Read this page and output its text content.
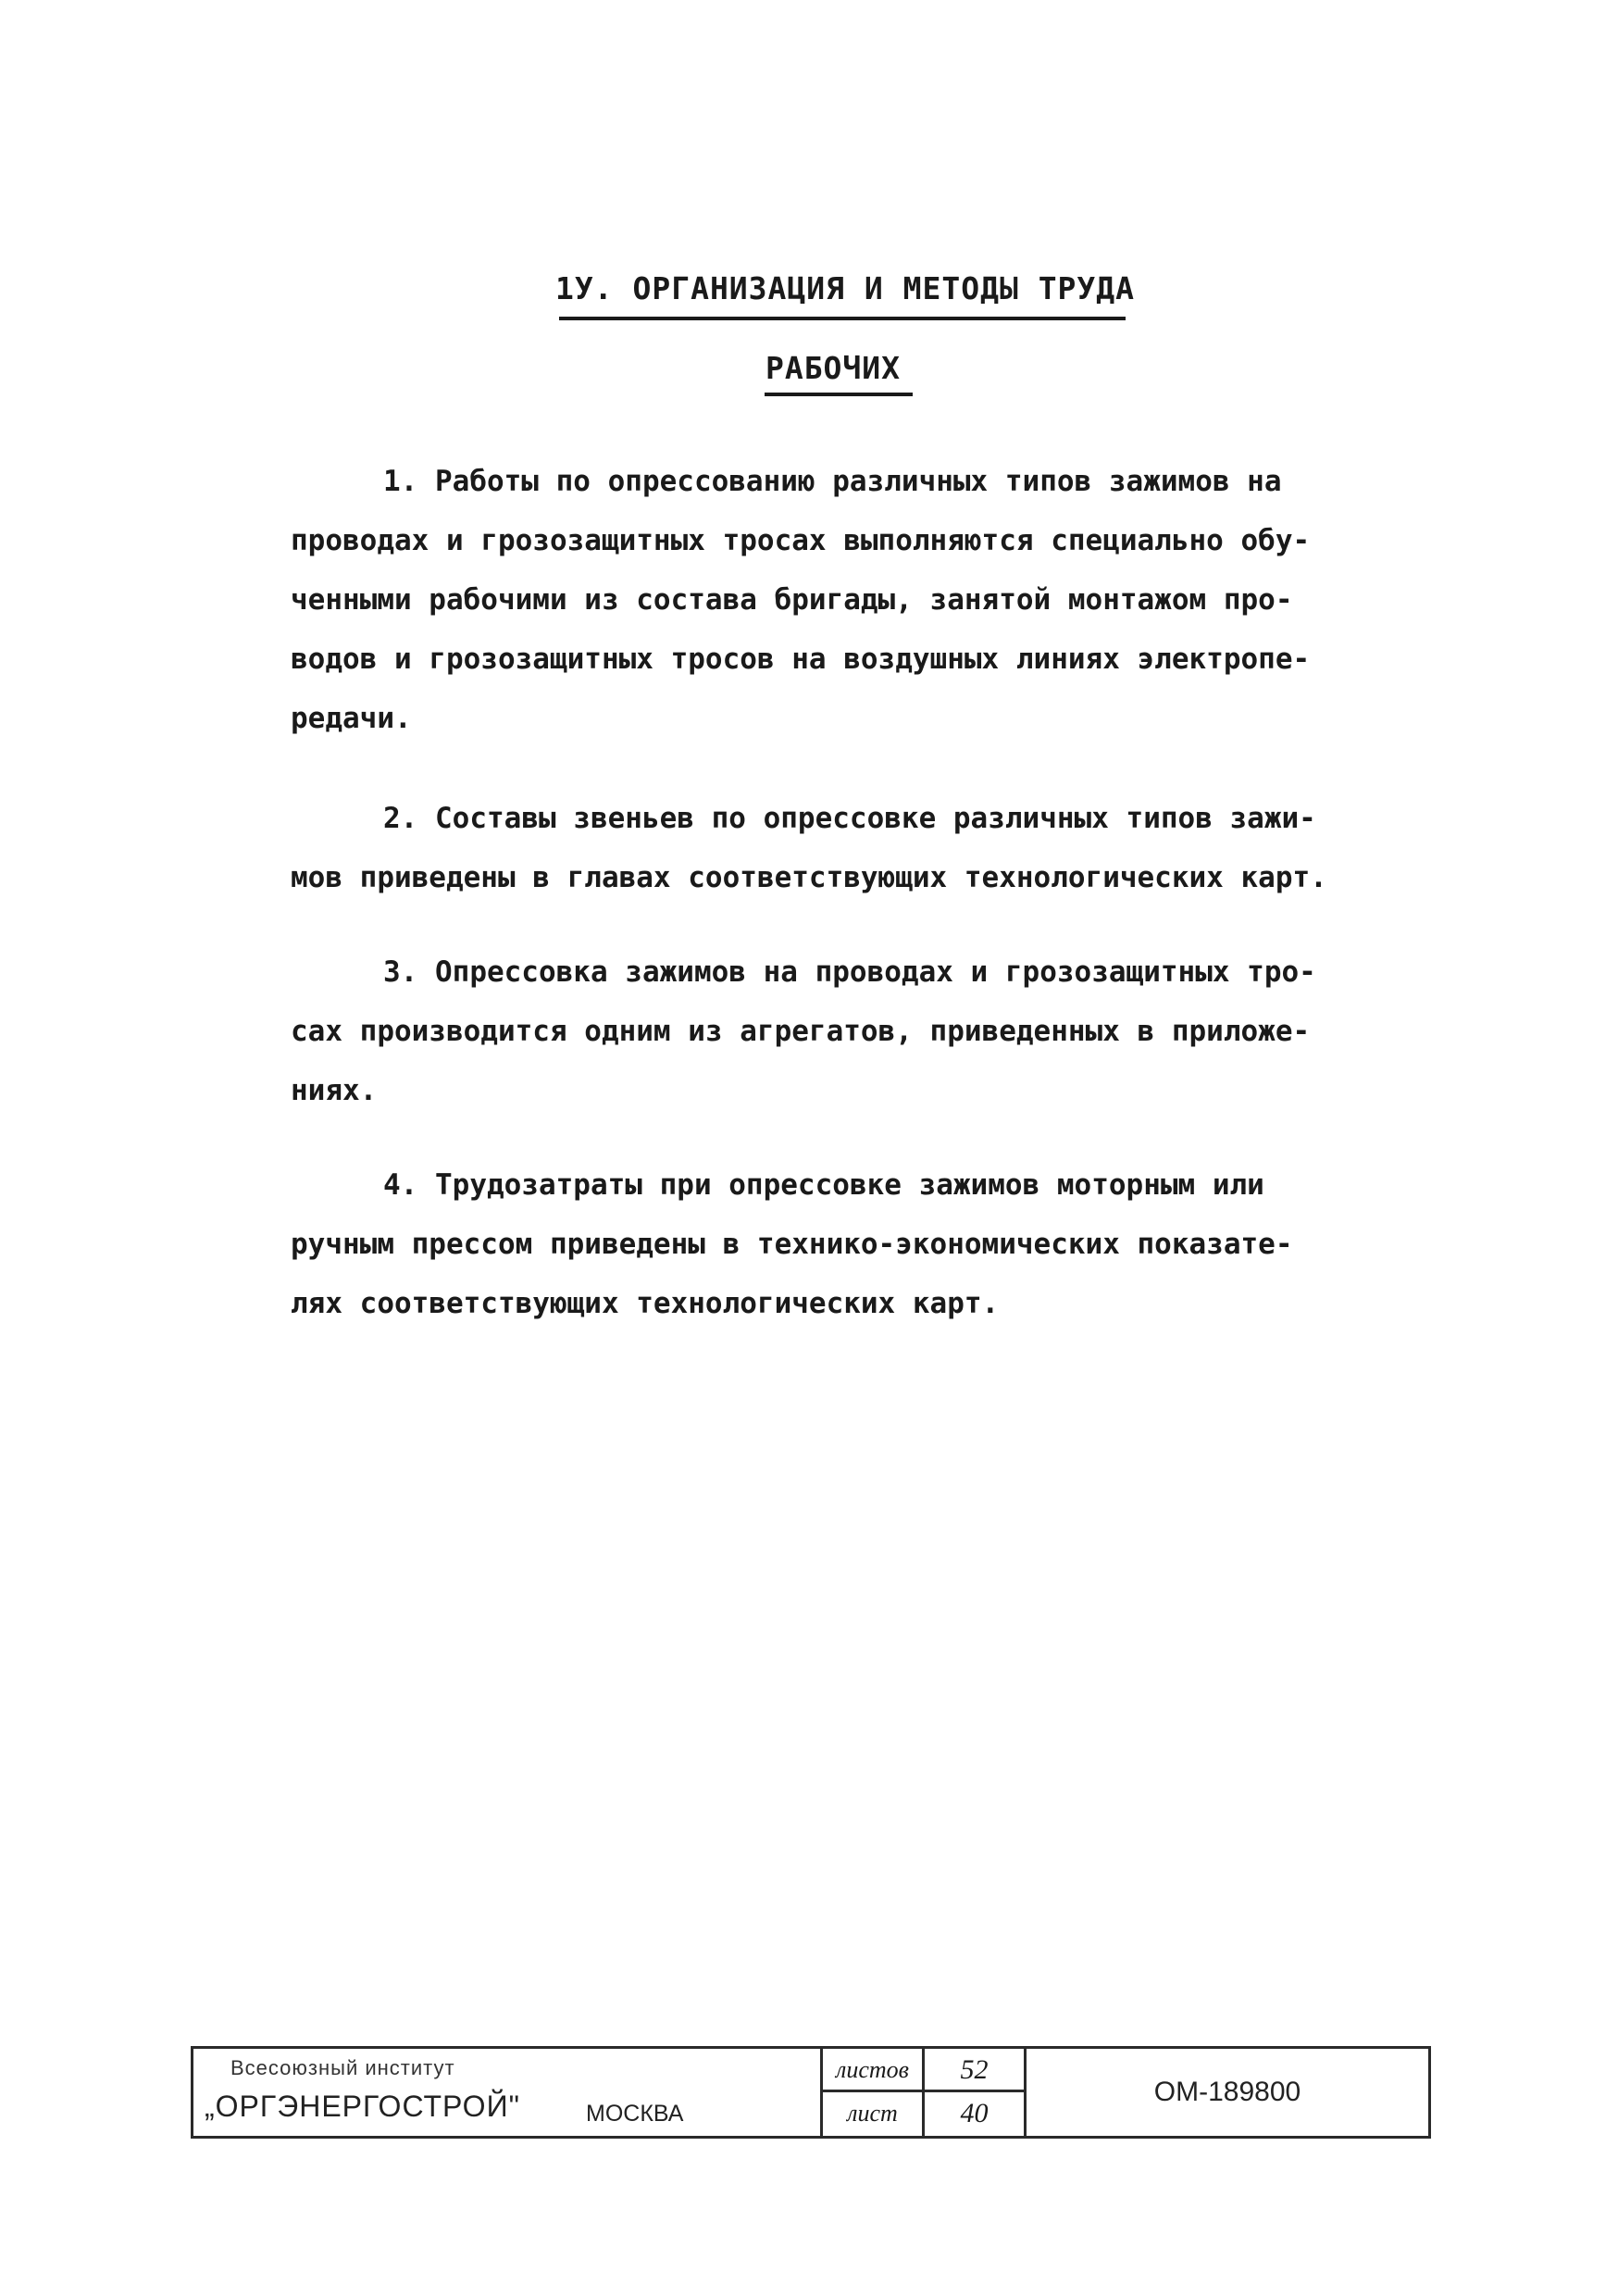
1У. ОРГАНИЗАЦИЯ И МЕТОДЫ ТРУДА
РАБОЧИХ
1. Работы по опрессованию различных типов зажимов на
проводах и грозозащитных тросах выполняются специально обу-
ченными рабочими из состава бригады, занятой монтажом про-
водов и грозозащитных тросов на воздушных линиях электропе-
редачи.
2. Составы звеньев по опрессовке различных типов зажи-
мов приведены в главах соответствующих технологических карт.
3. Опрессовка зажимов на проводах и грозозащитных тро-
сах производится одним из агрегатов, приведенных в приложе-
ниях.
4. Трудозатраты при опрессовке зажимов моторным или
ручным прессом приведены в технико-экономических показате-
лях соответствующих технологических карт.
Всесоюзный институт
„ОРГЭНЕРГОСТРОЙ"	МОСКВА
листов
лист
52
40
ОМ-189800
